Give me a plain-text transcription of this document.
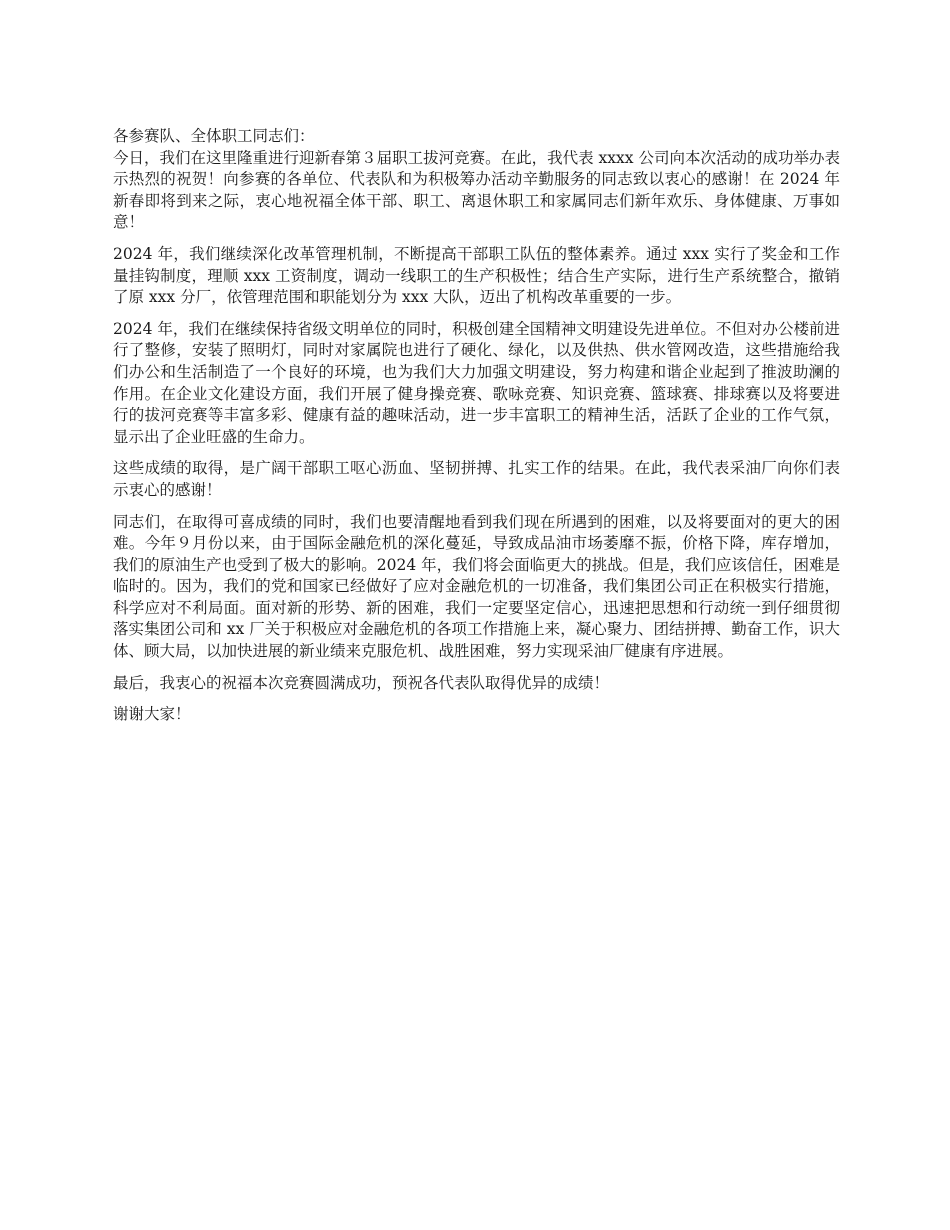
各参赛队、全体职工同志们：

今日，我们在这里隆重进行迎新春第３届职工拔河竞赛。在此，我代表 xxxx 公司向本次活动的成功举办表示热烈的祝贺！向参赛的各单位、代表队和为积极筹办活动辛勤服务的同志致以衷心的感谢！在 2024 年新春即将到来之际，衷心地祝福全体干部、职工、离退休职工和家属同志们新年欢乐、身体健康、万事如意！

2024 年，我们继续深化改革管理机制，不断提高干部职工队伍的整体素养。通过 xxx 实行了奖金和工作量挂钩制度，理顺 xxx 工资制度，调动一线职工的生产积极性；结合生产实际，进行生产系统整合，撤销了原 xxx 分厂，依管理范围和职能划分为 xxx 大队，迈出了机构改革重要的一步。

2024 年，我们在继续保持省级文明单位的同时，积极创建全国精神文明建设先进单位。不但对办公楼前进行了整修，安装了照明灯，同时对家属院也进行了硬化、绿化，以及供热、供水管网改造，这些措施给我们办公和生活制造了一个良好的环境，也为我们大力加强文明建设，努力构建和谐企业起到了推波助澜的作用。在企业文化建设方面，我们开展了健身操竞赛、歌咏竞赛、知识竞赛、篮球赛、排球赛以及将要进行的拔河竞赛等丰富多彩、健康有益的趣味活动，进一步丰富职工的精神生活，活跃了企业的工作气氛，显示出了企业旺盛的生命力。

这些成绩的取得，是广阔干部职工呕心沥血、坚韧拼搏、扎实工作的结果。在此，我代表采油厂向你们表示衷心的感谢！

同志们，在取得可喜成绩的同时，我们也要清醒地看到我们现在所遇到的困难，以及将要面对的更大的困难。今年９月份以来，由于国际金融危机的深化蔓延，导致成品油市场萎靡不振，价格下降，库存增加，我们的原油生产也受到了极大的影响。2024 年，我们将会面临更大的挑战。但是，我们应该信任，困难是临时的。因为，我们的党和国家已经做好了应对金融危机的一切准备，我们集团公司正在积极实行措施，科学应对不利局面。面对新的形势、新的困难，我们一定要坚定信心，迅速把思想和行动统一到仔细贯彻落实集团公司和 xx 厂关于积极应对金融危机的各项工作措施上来，凝心聚力、团结拼搏、勤奋工作，识大体、顾大局，以加快进展的新业绩来克服危机、战胜困难，努力实现采油厂健康有序进展。

最后，我衷心的祝福本次竞赛圆满成功，预祝各代表队取得优异的成绩！

谢谢大家！
